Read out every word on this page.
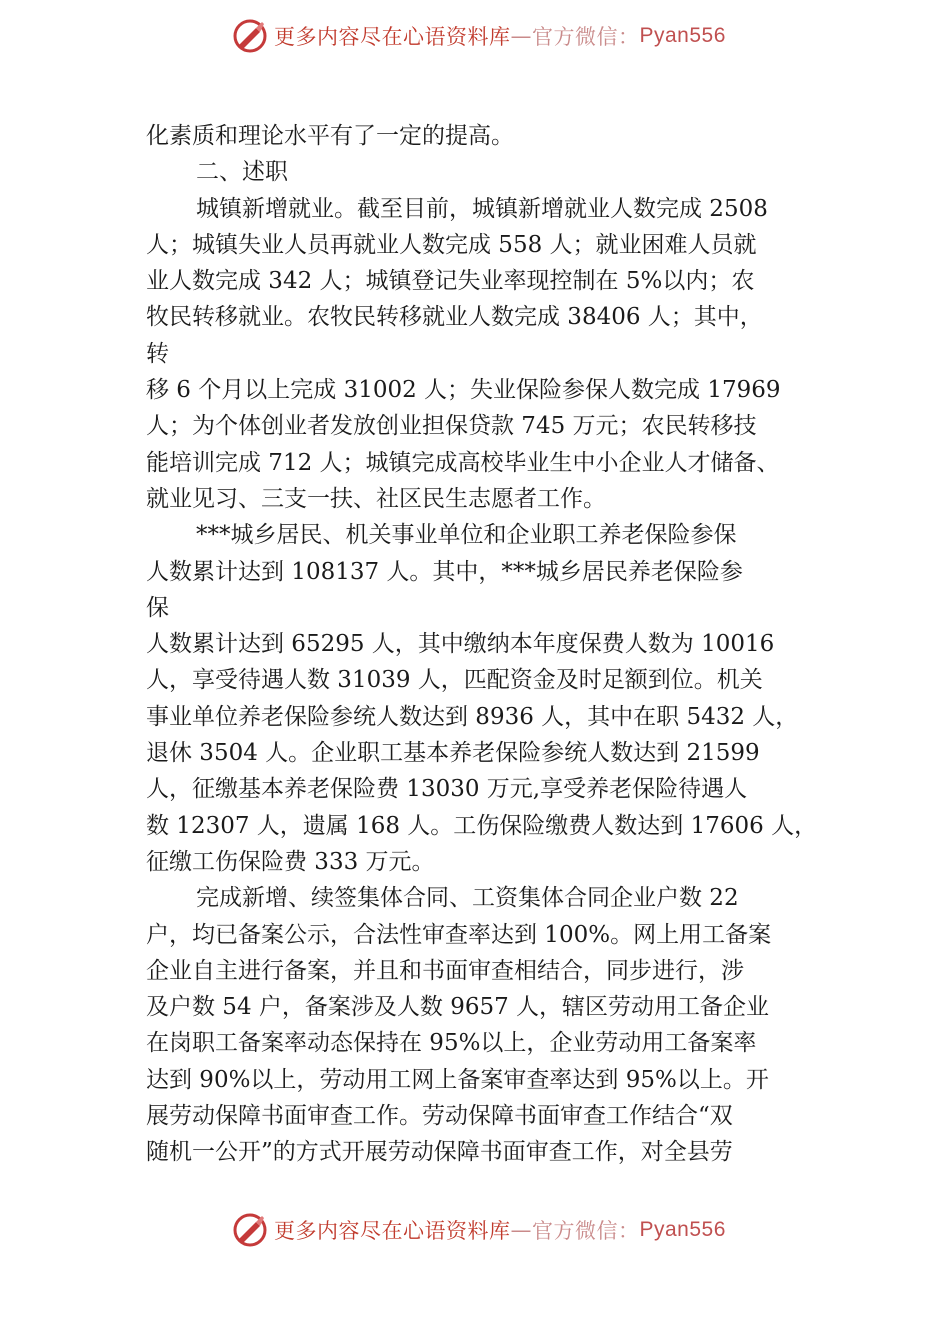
更多内容尽在心语资料库 — 官方微信： Pyan556
化素质和理论水平有了一定的提高。
二、述职
城镇新增就业。截至目前，城镇新增就业人数完成 2508
人；城镇失业人员再就业人数完成 558 人；就业困难人员就
业人数完成 342 人；城镇登记失业率现控制在 5%以内；农
牧民转移就业。农牧民转移就业人数完成 38406 人；其中，
转
移 6 个月以上完成 31002 人；失业保险参保人数完成 17969
人；为个体创业者发放创业担保贷款 745 万元；农民转移技
能培训完成 712 人；城镇完成高校毕业生中小企业人才储备、
就业见习、三支一扶、社区民生志愿者工作。
***城乡居民、机关事业单位和企业职工养老保险参保
人数累计达到 108137 人。其中，***城乡居民养老保险参
保
人数累计达到 65295 人，其中缴纳本年度保费人数为 10016
人，享受待遇人数 31039 人，匹配资金及时足额到位。机关
事业单位养老保险参统人数达到 8936 人，其中在职 5432 人，
退休 3504 人。企业职工基本养老保险参统人数达到 21599
人，征缴基本养老保险费 13030 万元,享受养老保险待遇人
数 12307 人，遗属 168 人。工伤保险缴费人数达到 17606 人，
征缴工伤保险费 333 万元。
完成新增、续签集体合同、工资集体合同企业户数 22
户，均已备案公示，合法性审查率达到 100%。网上用工备案
企业自主进行备案，并且和书面审查相结合，同步进行，涉
及户数 54 户，备案涉及人数 9657 人，辖区劳动用工备企业
在岗职工备案率动态保持在 95%以上，企业劳动用工备案率
达到 90%以上，劳动用工网上备案审查率达到 95%以上。开
展劳动保障书面审查工作。劳动保障书面审查工作结合“双
随机一公开”的方式开展劳动保障书面审查工作，对全县劳
更多内容尽在心语资料库 — 官方微信： Pyan556
